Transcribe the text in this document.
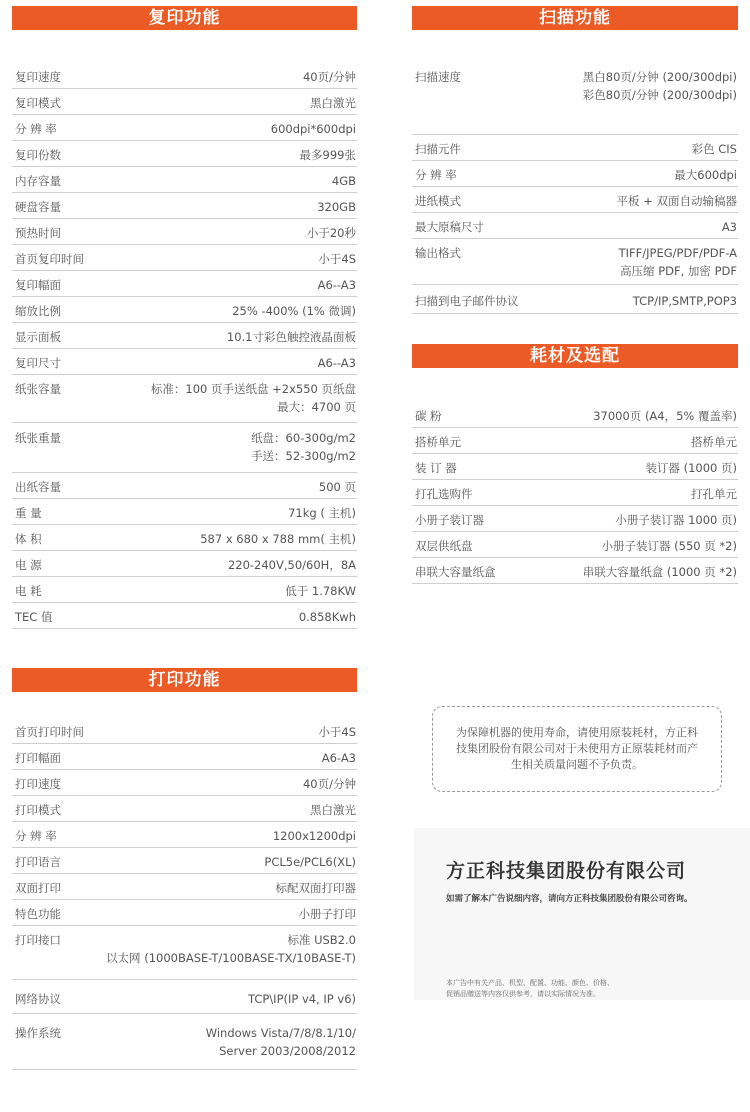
复印功能
复印速度	40页/分钟
复印模式	黑白激光
分 辨 率	600dpi*600dpi
复印份数	最多999张
内存容量	4GB
硬盘容量	320GB
预热时间	小于20秒
首页复印时间	小于4S
复印幅面	A6--A3
缩放比例	25% -400% (1% 微调)
显示面板	10.1寸彩色触控液晶面板
复印尺寸	A6--A3
纸张容量	标准：100 页手送纸盘 +2x550 页纸盘
最大：4700 页
纸张重量	纸盘：60-300g/m2
手送：52-300g/m2
出纸容量	500 页
重 量	71kg ( 主机)
体 积	587 x 680 x 788 mm( 主机)
电 源	220-240V,50/60H，8A
电 耗	低于 1.78KW
TEC 值	0.858Kwh
扫描功能
扫描速度	黑白80页/分钟 (200/300dpi)
彩色80页/分钟 (200/300dpi)
扫描元件	彩色 CIS
分 辨 率	最大600dpi
进纸模式	平板 + 双面自动输稿器
最大原稿尺寸	A3
输出格式	TIFF/JPEG/PDF/PDF-A
高压缩 PDF, 加密 PDF
扫描到电子邮件协议	TCP/IP,SMTP,POP3
耗材及选配
碳 粉	37000页 (A4，5% 覆盖率)
搭桥单元	搭桥单元
装 订 器	装订器 (1000 页)
打孔选购件	打孔单元
小册子装订器	小册子装订器 1000 页)
双层供纸盘	小册子装订器 (550 页 *2)
串联大容量纸盒	串联大容量纸盒 (1000 页 *2)
打印功能
首页打印时间	小于4S
打印幅面	A6-A3
打印速度	40页/分钟
打印模式	黑白激光
分 辨 率	1200x1200dpi
打印语言	PCL5e/PCL6(XL)
双面打印	标配双面打印器
特色功能	小册子打印
打印接口	标准 USB2.0
以太网 (1000BASE-T/100BASE-TX/10BASE-T)
网络协议	TCP\IP(IP v4, IP v6)
操作系统	Windows Vista/7/8/8.1/10/
Server 2003/2008/2012
为保障机器的使用寿命，请使用原装耗材，方正科技集团股份有限公司对于未使用方正原装耗材而产生相关质量问题不予负责。
方正科技集团股份有限公司
如需了解本广告说细内容，请向方正科技集团股份有限公司咨询。
本广告中有关产品、机型、配置、功能、颜色、价格、
促销品赠送等内容仅供参考，请以实际情况为准。
